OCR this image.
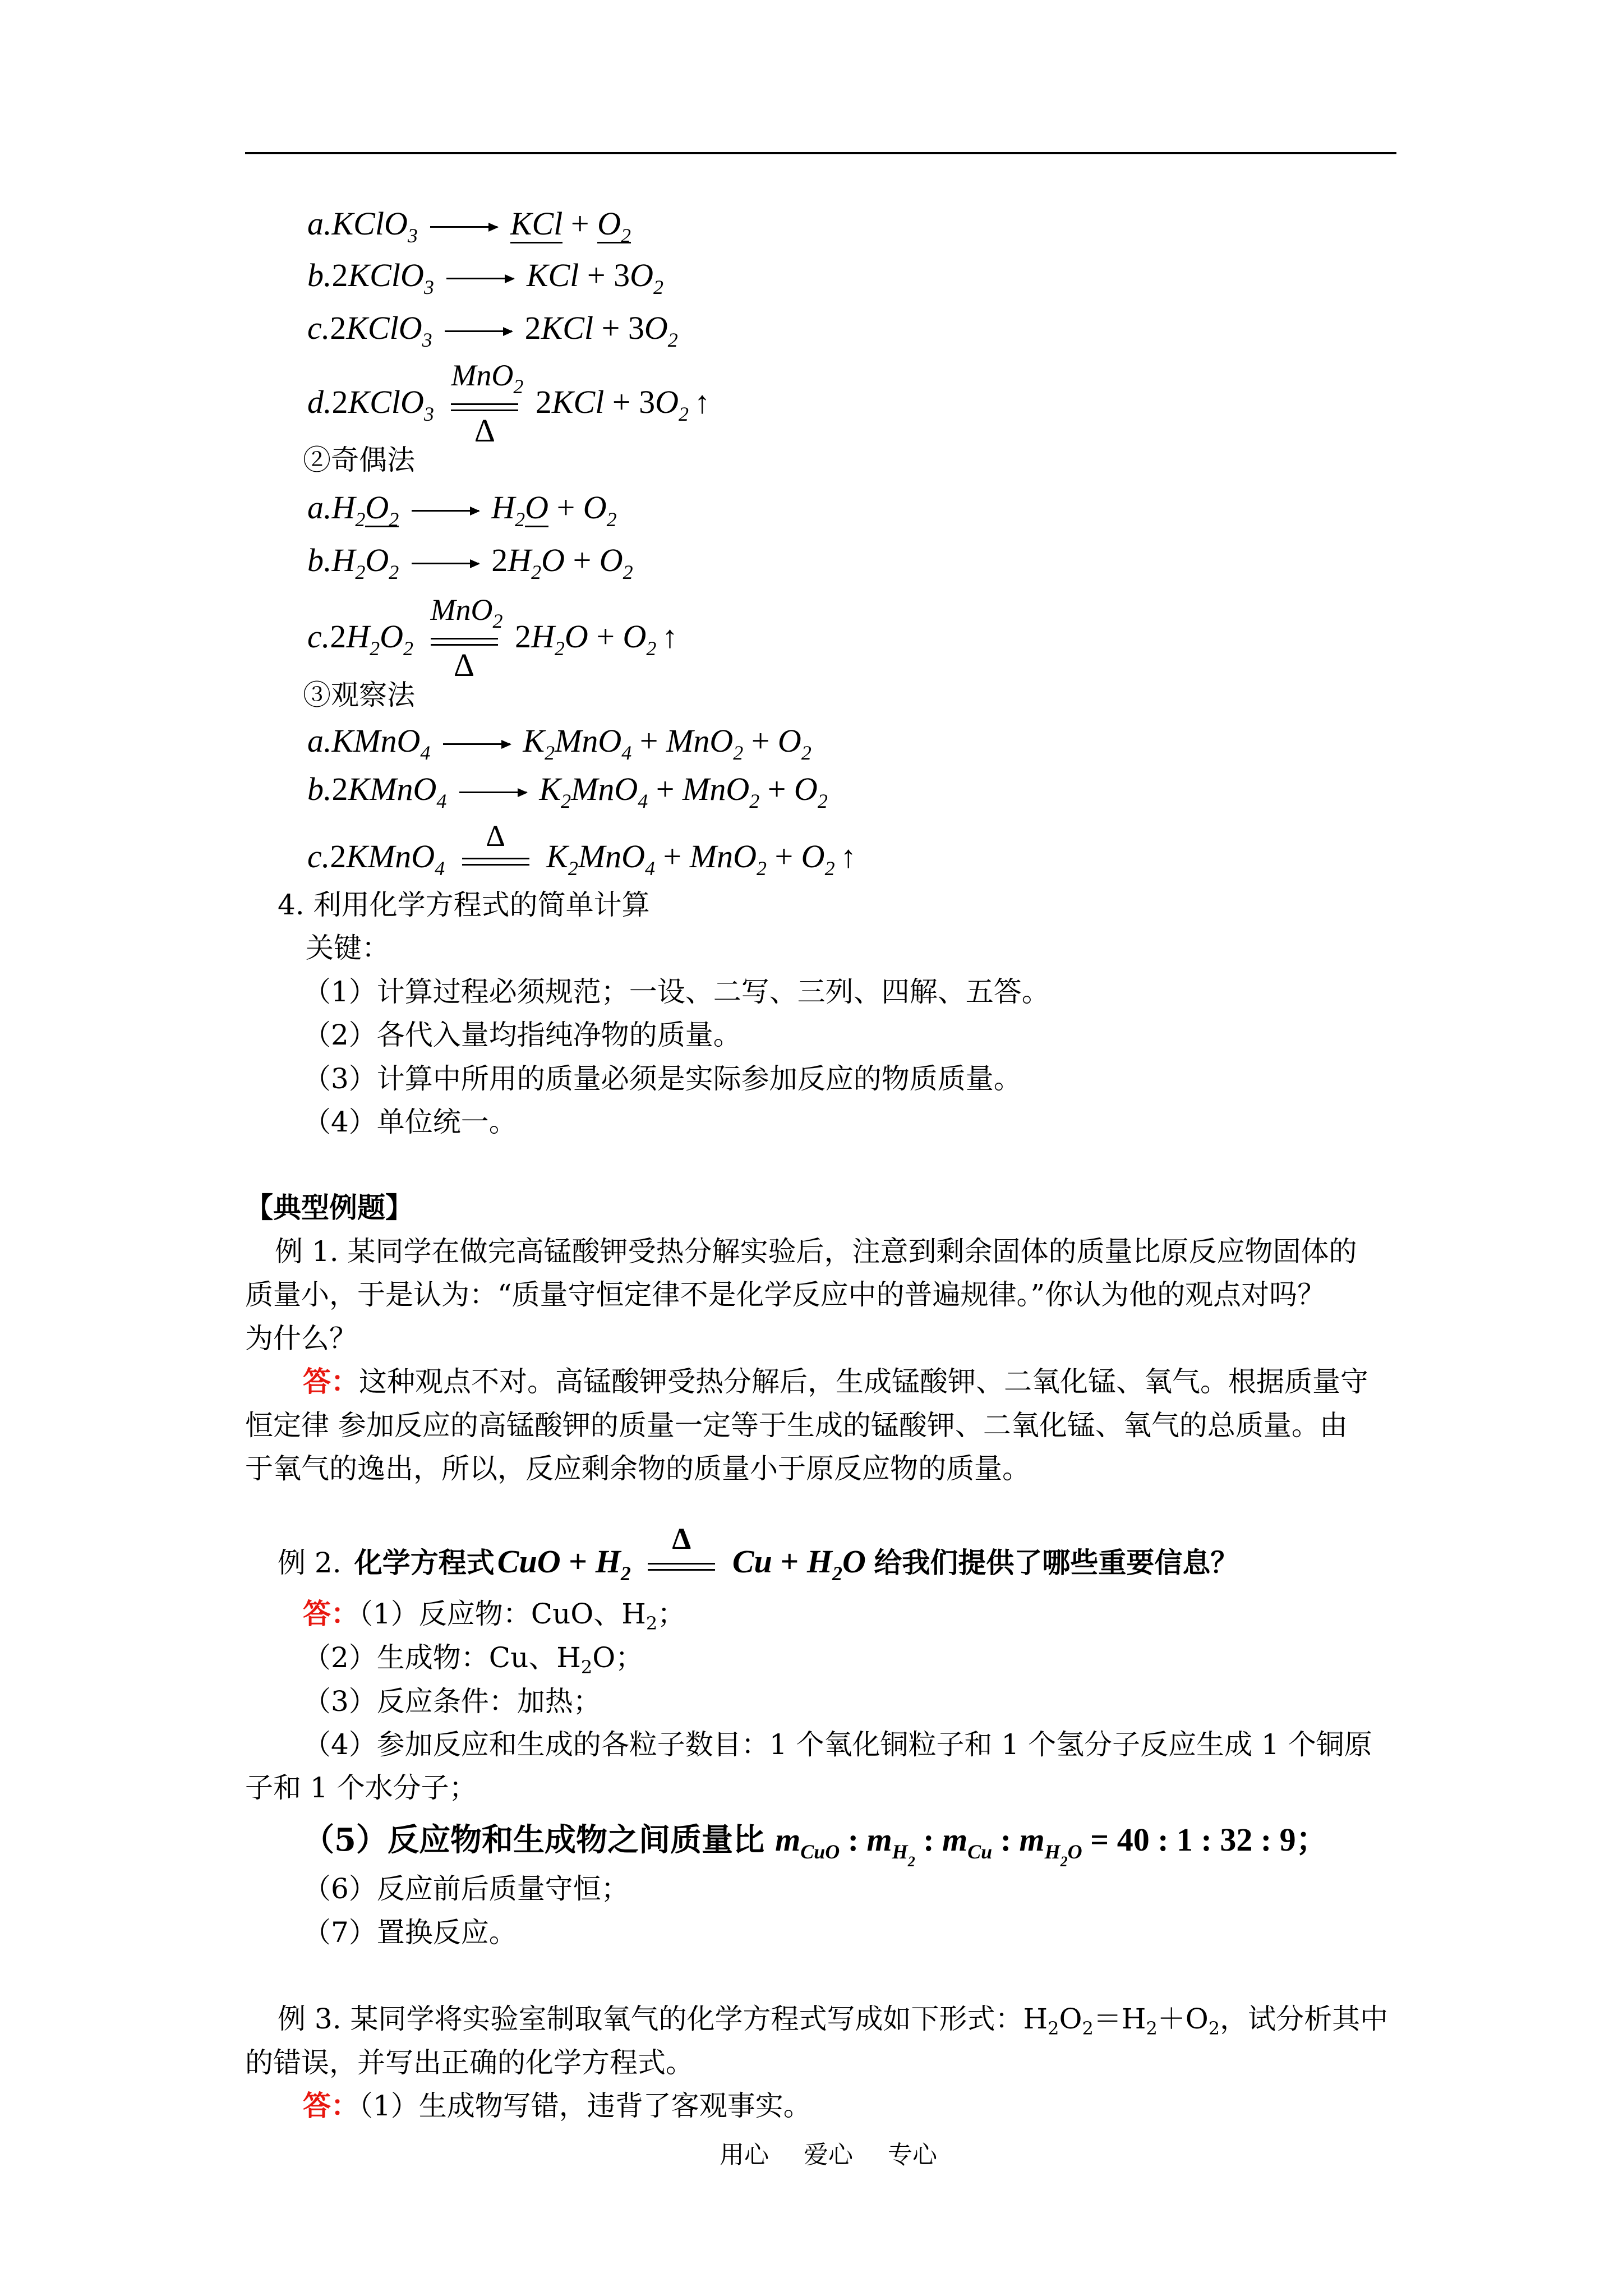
a.KClO$_3$ → KCl + $O_2$
b.2KClO$_3$ → KCl + $3O_2$
c.2KClO$_3$ → $2KCl + 3O_2$
d.2KClO$_3$
MnO$_2$
Δ
$2KCl + 3O_2$ ↑
②奇偶法
$a.H_2O_2 \to H_2O + O_2$
$b.H_2O_2 \to 2H_2O + O_2$
$c.2H_2O_2$
MnO$_2$
Δ
$2H_2O + O_2$ ↑
③观察法
a.KMnO$_4$ → $K_2MnO_4 + MnO_2 + O_2$
b.2KMnO$_4$ → $K_2MnO_4 + MnO_2 + O_2$
c.2KMnO$_4$
Δ
$K_2MnO_4 + MnO_2 + O_2$ ↑
4. 利用化学方程式的简单计算
关键：
（1）计算过程必须规范；一设、二写、三列、四解、五答。
（2）各代入量均指纯净物的质量。
（3）计算中所用的质量必须是实际参加反应的物质质量。
（4）单位统一。
【典型例题】
例 1. 某同学在做完高锰酸钾受热分解实验后，注意到剩余固体的质量比原反应物固体的
质量小，于是认为：“质量守恒定律不是化学反应中的普遍规律。”你认为他的观点对吗？
为什么？
答：这种观点不对。高锰酸钾受热分解后，生成锰酸钾、二氧化锰、氧气。根据质量守
恒定律 参加反应的高锰酸钾的质量一定等于生成的锰酸钾、二氧化锰、氧气的总质量。由
于氧气的逸出，所以，反应剩余物的质量小于原反应物的质量。
例 2. 化学方程式 CuO + $H_2$
Δ
$Cu + H_2O$ 给我们提供了哪些重要信息？
答：（1）反应物：CuO、$H_2$；
（2）生成物：Cu、$H_2O$；
（3）反应条件：加热；
（4）参加反应和生成的各粒子数目：1 个氧化铜粒子和 1 个氢分子反应生成 1 个铜原
子和 1 个水分子；
（5）反应物和生成物之间质量比 $m_{CuO}$ : $m_{H_2}$ : $m_{Cu}$ : $m_{H_2O} = 40$ : 1 : 32 : 9；
（6）反应前后质量守恒；
（7）置换反应。
例 3. 某同学将实验室制取氧气的化学方程式写成如下形式：$H_2O_2=H_2+O_2$，试分析其中
的错误，并写出正确的化学方程式。
答：（1）生成物写错，违背了客观事实。
用心 爱心 专心
